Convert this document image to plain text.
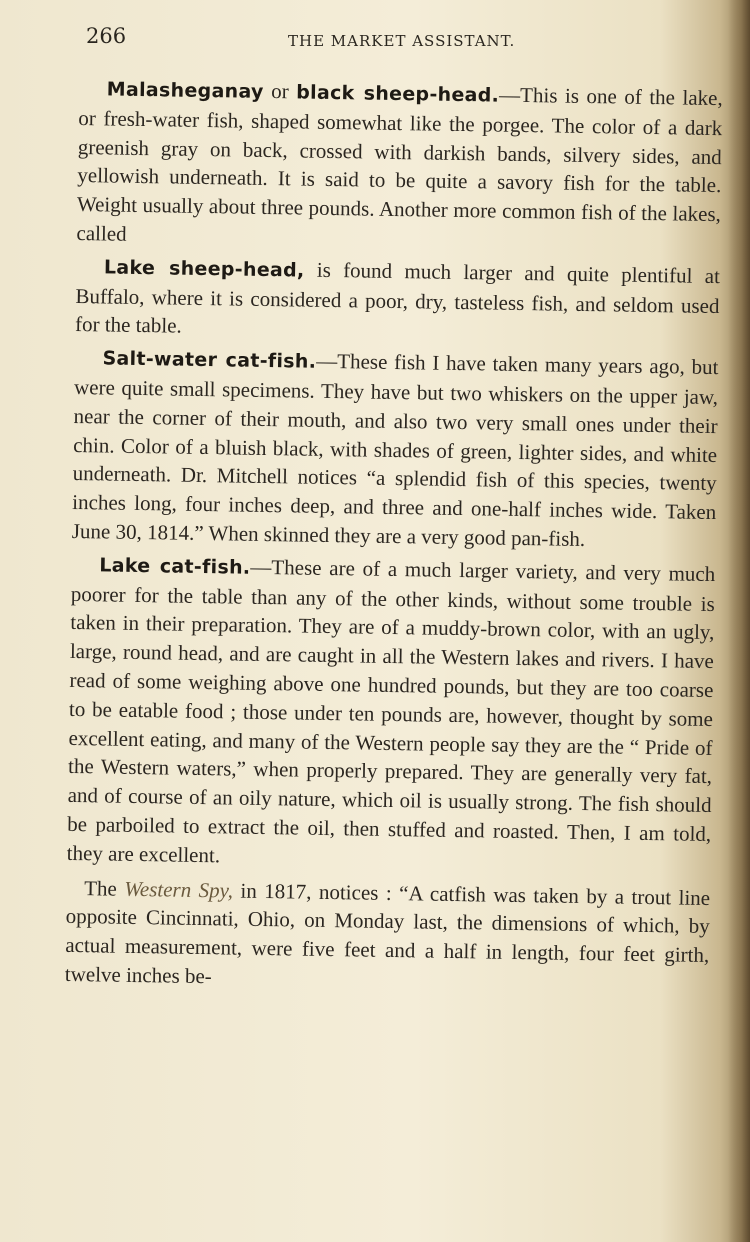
266	THE MARKET ASSISTANT.

Malasheganay or black sheep-head.—This is one of the lake, or fresh-water fish, shaped somewhat like the porgee. The color of a dark greenish gray on back, crossed with darkish bands, silvery sides, and yellowish underneath. It is said to be quite a savory fish for the table. Weight usually about three pounds. Another more common fish of the lakes, called

Lake sheep-head, is found much larger and quite plentiful at Buffalo, where it is considered a poor, dry, tasteless fish, and seldom used for the table.

Salt-water cat-fish.—These fish I have taken many years ago, but were quite small specimens. They have but two whiskers on the upper jaw, near the corner of their mouth, and also two very small ones under their chin. Color of a bluish black, with shades of green, lighter sides, and white underneath. Dr. Mitchell notices “a splendid fish of this species, twenty inches long, four inches deep, and three and one-half inches wide. Taken June 30, 1814.” When skinned they are a very good pan-fish.

Lake cat-fish.—These are of a much larger variety, and very much poorer for the table than any of the other kinds, without some trouble is taken in their preparation. They are of a muddy-brown color, with an ugly, large, round head, and are caught in all the Western lakes and rivers. I have read of some weighing above one hundred pounds, but they are too coarse to be eatable food ; those under ten pounds are, however, thought by some excellent eating, and many of the Western people say they are the “ Pride of the Western waters,” when properly prepared. They are generally very fat, and of course of an oily nature, which oil is usually strong. The fish should be parboiled to extract the oil, then stuffed and roasted. Then, I am told, they are excellent.

The Western Spy, in 1817, notices : “A catfish was taken by a trout line opposite Cincinnati, Ohio, on Monday last, the dimensions of which, by actual measurement, were five feet and a half in length, four feet girth, twelve inches be-
